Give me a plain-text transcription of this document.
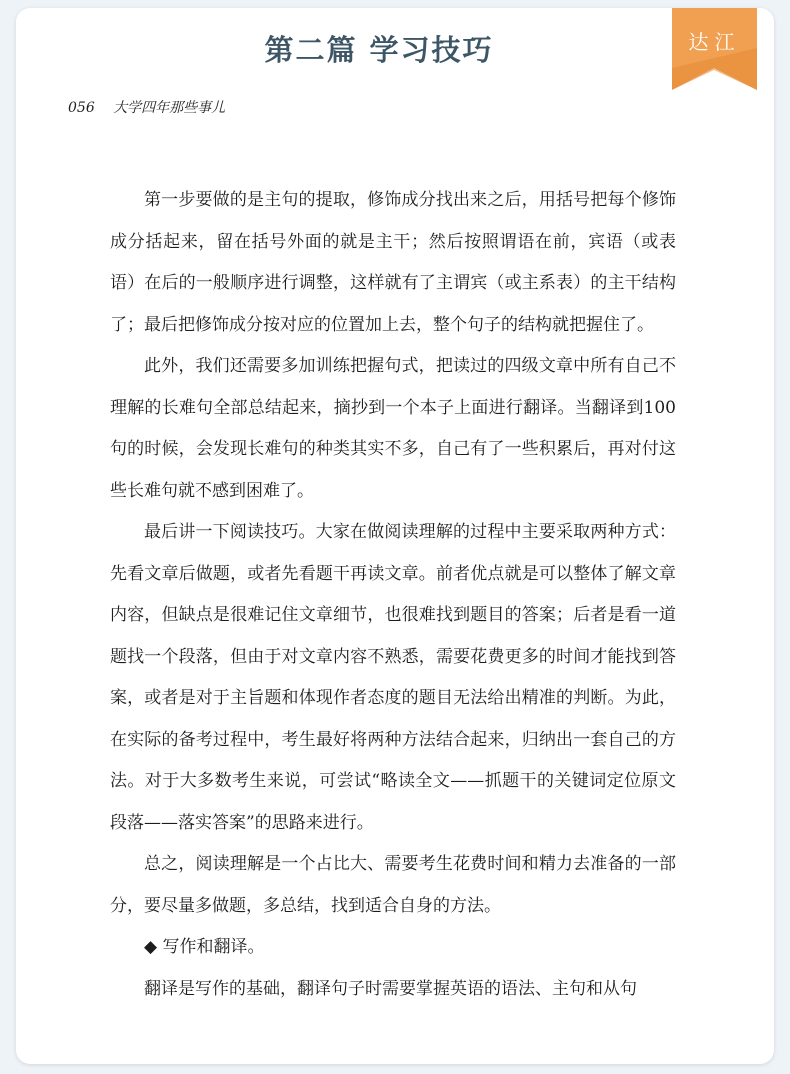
第二篇 学习技巧	达江
056 大学四年那些事儿

第一步要做的是主句的提取，修饰成分找出来之后，用括号把每个修饰成分括起来，留在括号外面的就是主干；然后按照谓语在前，宾语（或表语）在后的一般顺序进行调整，这样就有了主谓宾（或主系表）的主干结构了；最后把修饰成分按对应的位置加上去，整个句子的结构就把握住了。

此外，我们还需要多加训练把握句式，把读过的四级文章中所有自己不理解的长难句全部总结起来，摘抄到一个本子上面进行翻译。当翻译到100句的时候，会发现长难句的种类其实不多，自己有了一些积累后，再对付这些长难句就不感到困难了。

最后讲一下阅读技巧。大家在做阅读理解的过程中主要采取两种方式：先看文章后做题，或者先看题干再读文章。前者优点就是可以整体了解文章内容，但缺点是很难记住文章细节，也很难找到题目的答案；后者是看一道题找一个段落，但由于对文章内容不熟悉，需要花费更多的时间才能找到答案，或者是对于主旨题和体现作者态度的题目无法给出精准的判断。为此，在实际的备考过程中，考生最好将两种方法结合起来，归纳出一套自己的方法。对于大多数考生来说，可尝试“略读全文——抓题干的关键词定位原文段落——落实答案”的思路来进行。

总之，阅读理解是一个占比大、需要考生花费时间和精力去准备的一部分，要尽量多做题，多总结，找到适合自身的方法。

◆ 写作和翻译。

翻译是写作的基础，翻译句子时需要掌握英语的语法、主句和从句
